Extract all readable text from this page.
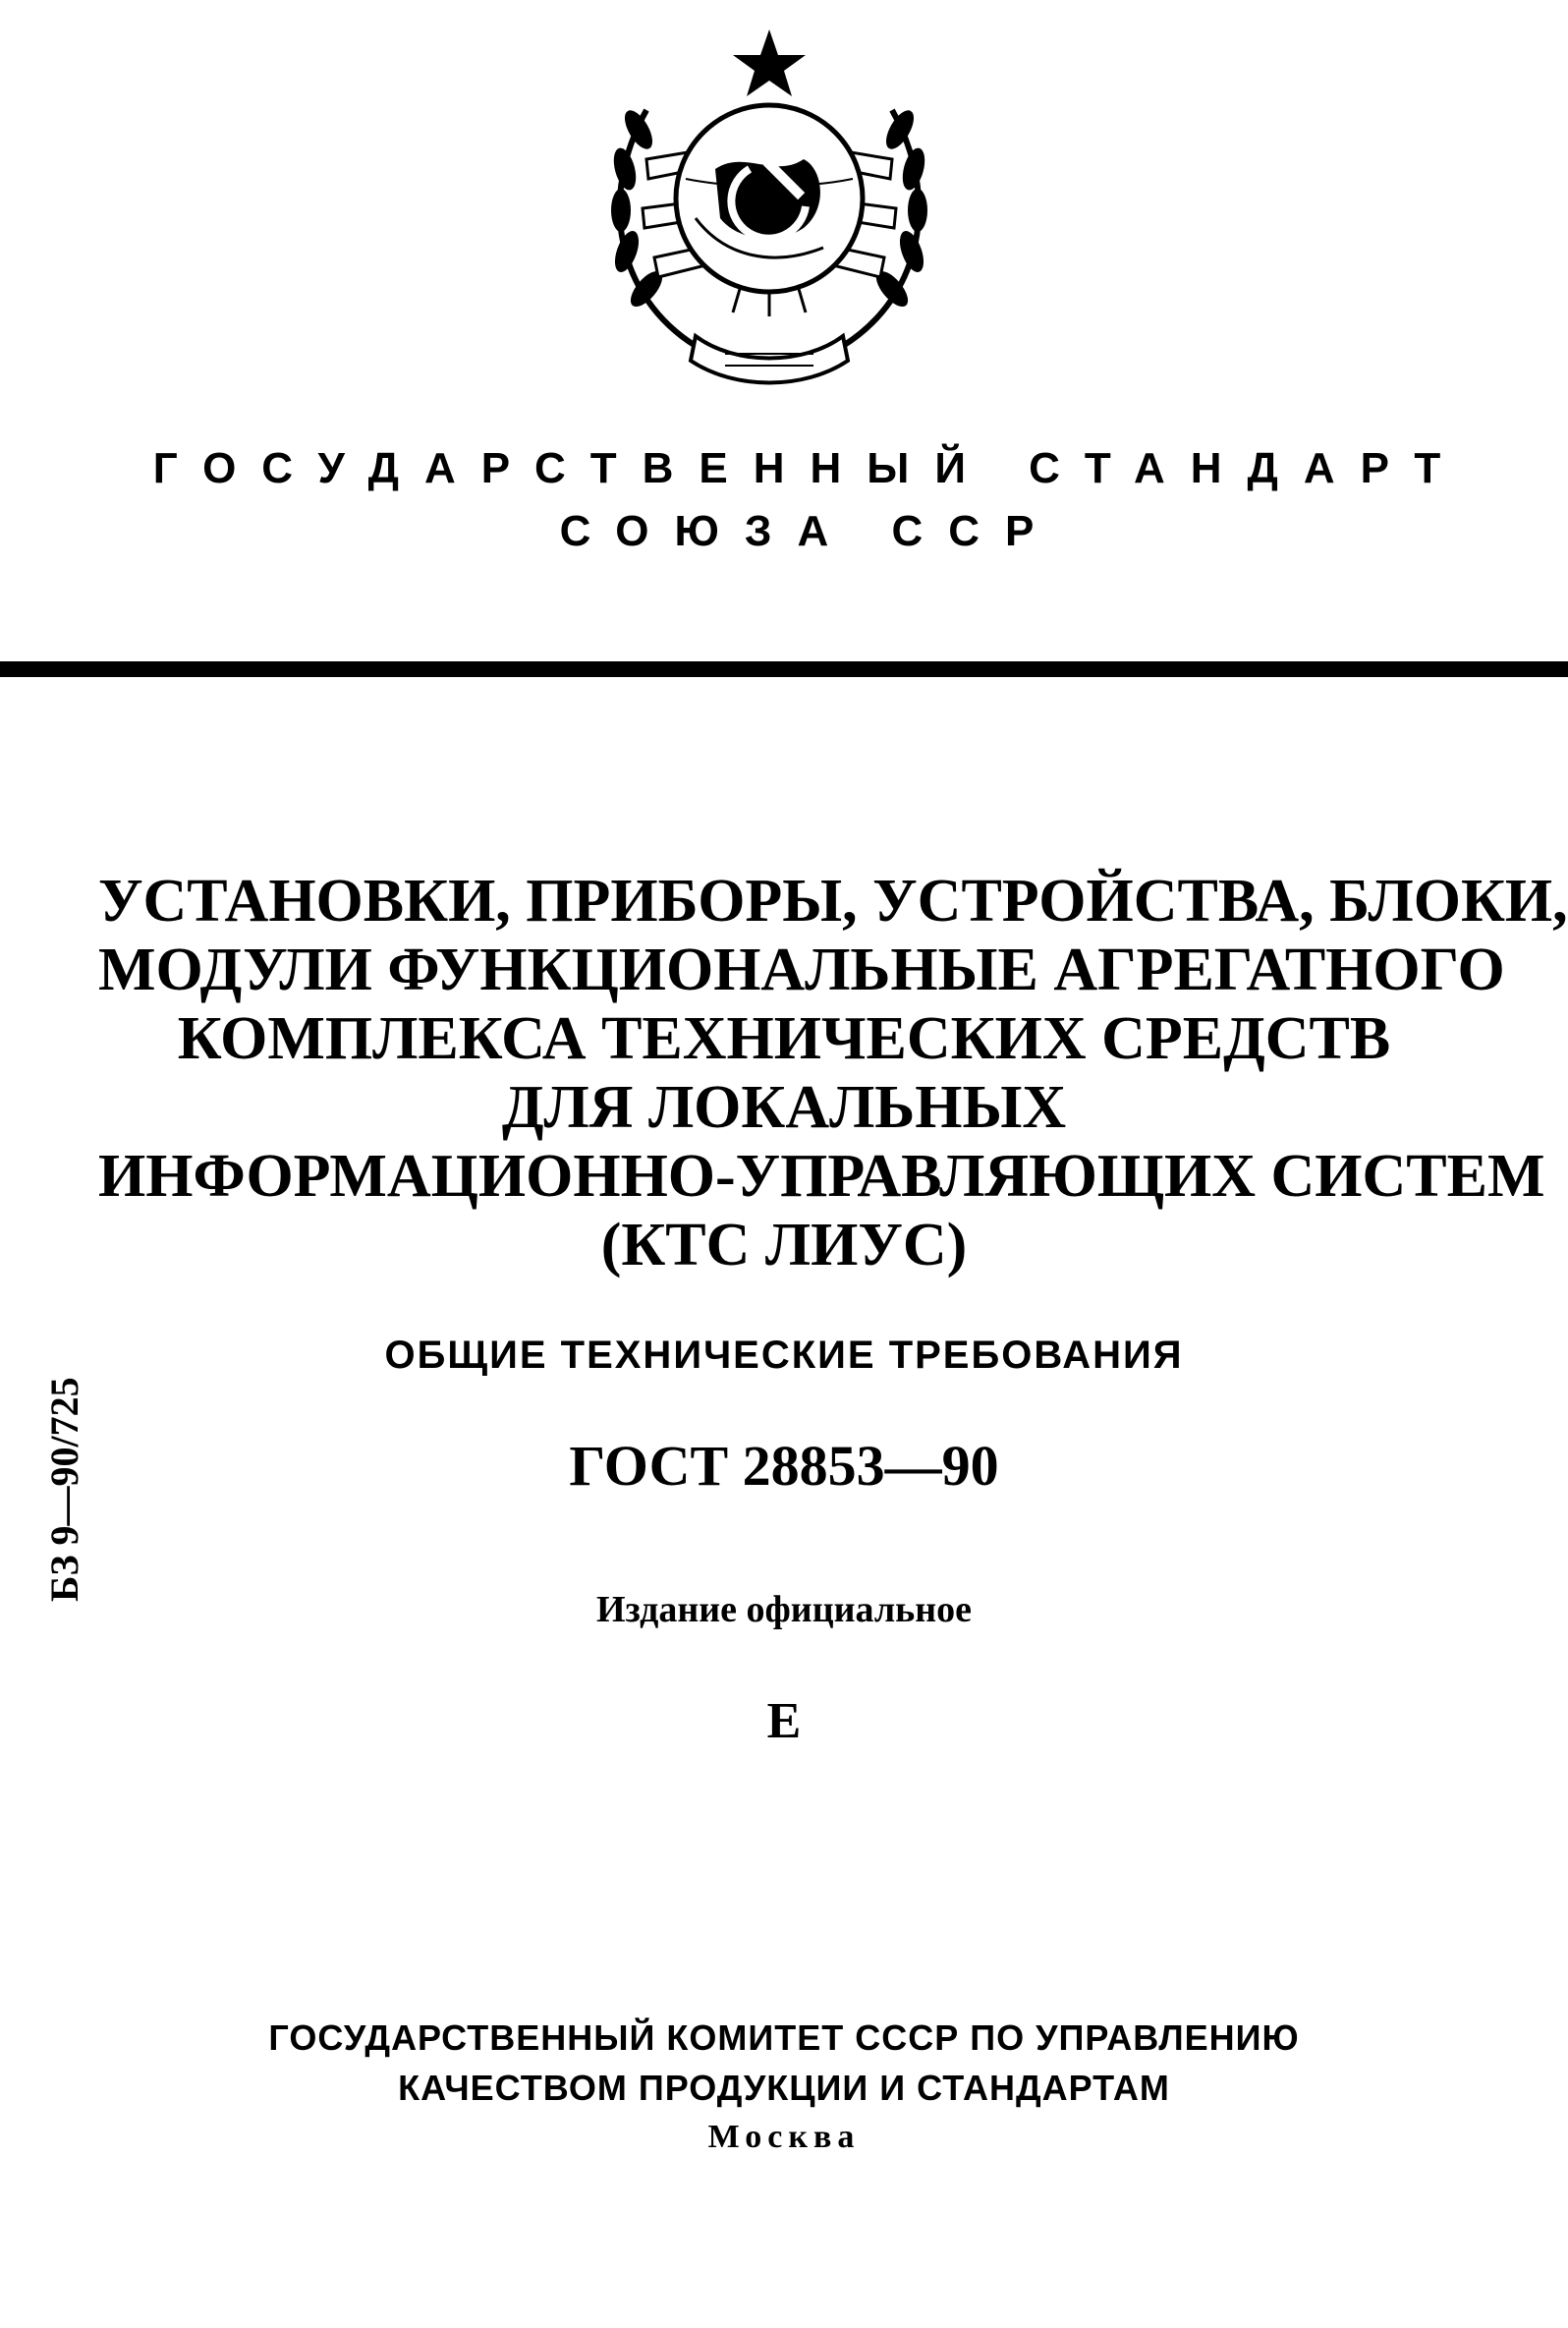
ГОСУДАРСТВЕННЫЙ СТАНДАРТ
СОЮЗА ССР
УСТАНОВКИ, ПРИБОРЫ, УСТРОЙСТВА, БЛОКИ,
МОДУЛИ ФУНКЦИОНАЛЬНЫЕ АГРЕГАТНОГО
КОМПЛЕКСА ТЕХНИЧЕСКИХ СРЕДСТВ
ДЛЯ ЛОКАЛЬНЫХ
ИНФОРМАЦИОННО-УПРАВЛЯЮЩИХ СИСТЕМ
(КТС ЛИУС)
ОБЩИЕ ТЕХНИЧЕСКИЕ ТРЕБОВАНИЯ
ГОСТ 28853—90
БЗ 9—90/725
Издание официальное
Е
ГОСУДАРСТВЕННЫЙ КОМИТЕТ СССР ПО УПРАВЛЕНИЮ
КАЧЕСТВОМ ПРОДУКЦИИ И СТАНДАРТАМ
Москва
